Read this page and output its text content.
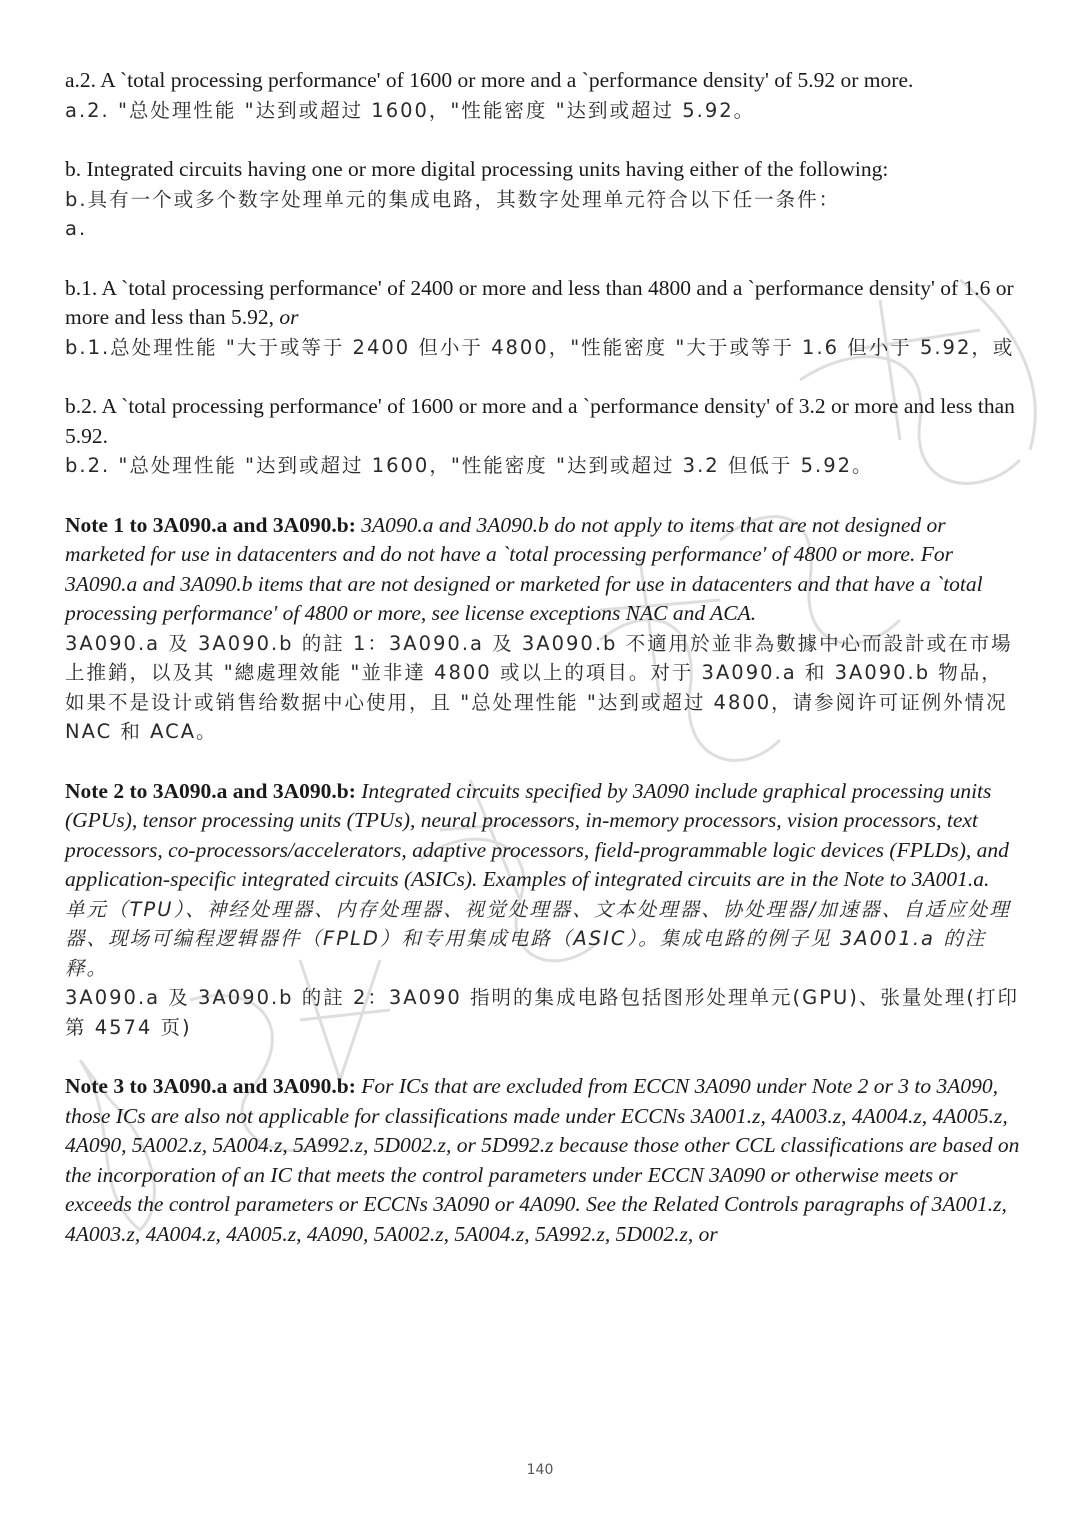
a.2. A `total processing performance' of 1600 or more and a `performance density' of 5.92 or more.

a.2. "总处理性能 "达到或超过 1600，"性能密度 "达到或超过 5.92。

b. Integrated circuits having one or more digital processing units having either of the following:

b.具有一个或多个数字处理单元的集成电路，其数字处理单元符合以下任一条件：

a.

b.1. A `total processing performance' of 2400 or more and less than 4800 and a `performance density' of 1.6 or more and less than 5.92, or

b.1.总处理性能 "大于或等于 2400 但小于 4800，"性能密度 "大于或等于 1.6 但小于 5.92，或

b.2. A `total processing performance' of 1600 or more and a `performance density' of 3.2 or more and less than 5.92.

b.2. "总处理性能 "达到或超过 1600，"性能密度 "达到或超过 3.2 但低于 5.92。

Note 1 to 3A090.a and 3A090.b: 3A090.a and 3A090.b do not apply to items that are not designed or marketed for use in datacenters and do not have a `total processing performance' of 4800 or more. For 3A090.a and 3A090.b items that are not designed or marketed for use in datacenters and that have a `total processing performance' of 4800 or more, see license exceptions NAC and ACA.

3A090.a 及 3A090.b 的註 1：3A090.a 及 3A090.b 不適用於並非為數據中心而設計或在市場上推銷，以及其 "總處理效能 "並非達 4800 或以上的項目。对于 3A090.a 和 3A090.b 物品，如果不是设计或销售给数据中心使用，且 "总处理性能 "达到或超过 4800，请参阅许可证例外情况 NAC 和 ACA。

Note 2 to 3A090.a and 3A090.b: Integrated circuits specified by 3A090 include graphical processing units (GPUs), tensor processing units (TPUs), neural processors, in-memory processors, vision processors, text processors, co-processors/accelerators, adaptive processors, field-programmable logic devices (FPLDs), and application-specific integrated circuits (ASICs). Examples of integrated circuits are in the Note to 3A001.a.

单元（TPU）、神经处理器、内存处理器、视觉处理器、文本处理器、协处理器/加速器、自适应处理器、现场可编程逻辑器件（FPLD）和专用集成电路（ASIC）。集成电路的例子见 3A001.a 的注释。

3A090.a 及 3A090.b 的註 2：3A090 指明的集成电路包括图形处理单元(GPU)、张量处理(打印第 4574 页)

Note 3 to 3A090.a and 3A090.b: For ICs that are excluded from ECCN 3A090 under Note 2 or 3 to 3A090, those ICs are also not applicable for classifications made under ECCNs 3A001.z, 4A003.z, 4A004.z, 4A005.z, 4A090, 5A002.z, 5A004.z, 5A992.z, 5D002.z, or 5D992.z because those other CCL classifications are based on the incorporation of an IC that meets the control parameters under ECCN 3A090 or otherwise meets or exceeds the control parameters or ECCNs 3A090 or 4A090. See the Related Controls paragraphs of 3A001.z, 4A003.z, 4A004.z, 4A005.z, 4A090, 5A002.z, 5A004.z, 5A992.z, 5D002.z, or

140
